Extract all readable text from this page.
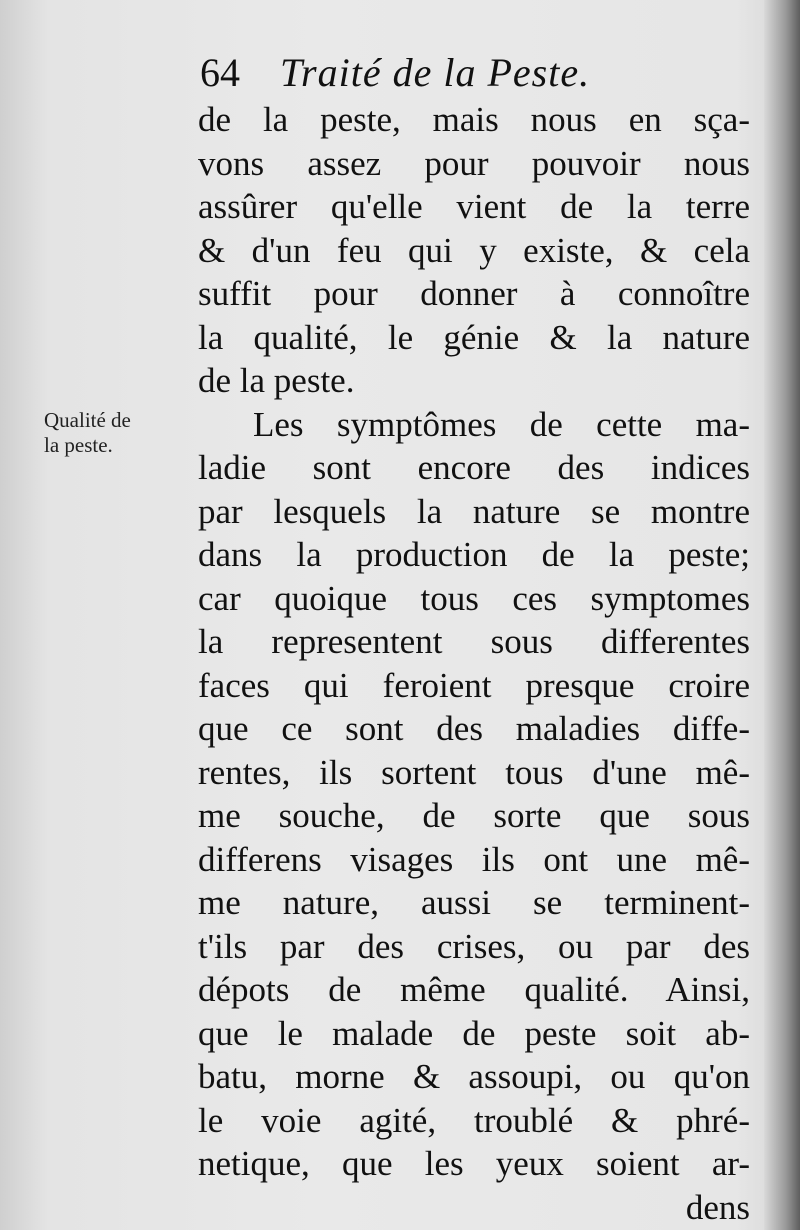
64 Traité de la Peste.
Qualité de
la peste.
de la peste, mais nous en sça-
vons assez pour pouvoir nous
assûrer qu'elle vient de la terre
& d'un feu qui y existe, & cela
suffit pour donner à connoître
la qualité, le génie & la nature
de la peste.
Les symptômes de cette ma-
ladie sont encore des indices
par lesquels la nature se montre
dans la production de la peste;
car quoique tous ces symptomes
la representent sous differentes
faces qui feroient presque croire
que ce sont des maladies diffe-
rentes, ils sortent tous d'une mê-
me souche, de sorte que sous
differens visages ils ont une mê-
me nature, aussi se terminent-
t'ils par des crises, ou par des
dépots de même qualité. Ainsi,
que le malade de peste soit ab-
batu, morne & assoupi, ou qu'on
le voie agité, troublé & phré-
netique, que les yeux soient ar-
dens
